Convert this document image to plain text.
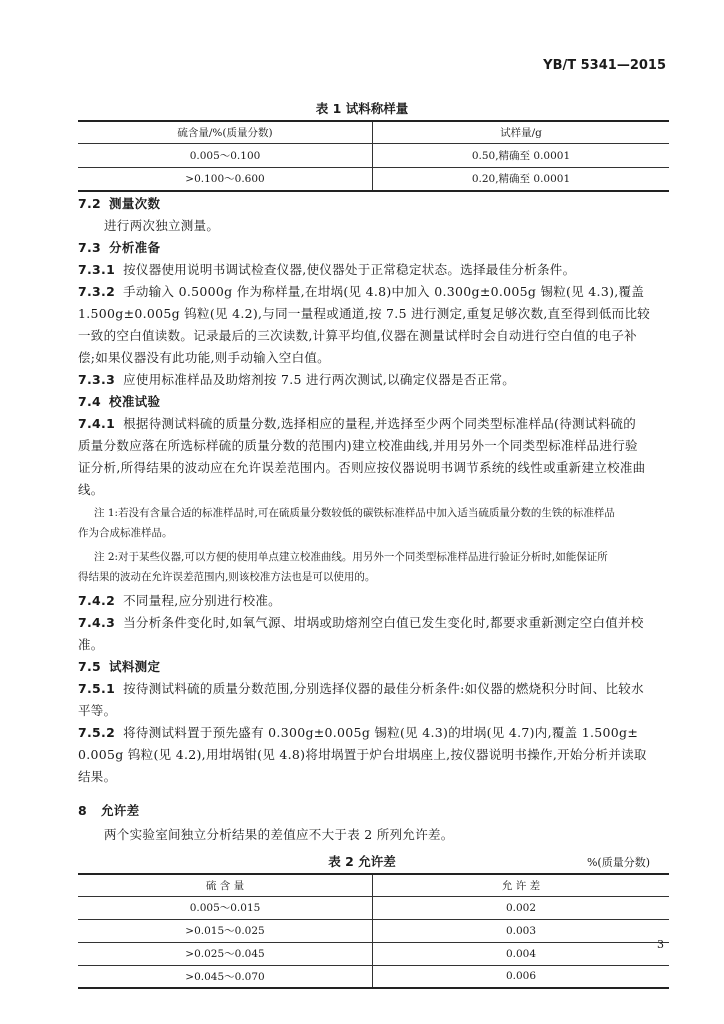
YB/T 5341—2015
表 1 试料称样量
硫含量/%(质量分数)	试样量/g
0.005～0.100	0.50,精确至 0.0001
>0.100～0.600	0.20,精确至 0.0001
7.2 测量次数
进行两次独立测量。
7.3 分析准备
7.3.1 按仪器使用说明书调试检查仪器,使仪器处于正常稳定状态。选择最佳分析条件。
7.3.2 手动输入 0.5000g 作为称样量,在坩埚(见 4.8)中加入 0.300g±0.005g 锡粒(见 4.3),覆盖
1.500g±0.005g 钨粒(见 4.2),与同一量程或通道,按 7.5 进行测定,重复足够次数,直至得到低而比较
一致的空白值读数。记录最后的三次读数,计算平均值,仪器在测量试样时会自动进行空白值的电子补
偿;如果仪器没有此功能,则手动输入空白值。
7.3.3 应使用标准样品及助熔剂按 7.5 进行两次测试,以确定仪器是否正常。
7.4 校准试验
7.4.1 根据待测试料硫的质量分数,选择相应的量程,并选择至少两个同类型标准样品(待测试料硫的
质量分数应落在所选标样硫的质量分数的范围内)建立校准曲线,并用另外一个同类型标准样品进行验
证分析,所得结果的波动应在允许误差范围内。否则应按仪器说明书调节系统的线性或重新建立校准曲
线。
注 1:若没有含量合适的标准样品时,可在硫质量分数较低的碳铁标准样品中加入适当硫质量分数的生铁的标准样品
作为合成标准样品。
注 2:对于某些仪器,可以方便的使用单点建立校准曲线。用另外一个同类型标准样品进行验证分析时,如能保证所
得结果的波动在允许误差范围内,则该校准方法也是可以使用的。
7.4.2 不同量程,应分别进行校准。
7.4.3 当分析条件变化时,如氧气源、坩埚或助熔剂空白值已发生变化时,都要求重新测定空白值并校
准。
7.5 试料测定
7.5.1 按待测试料硫的质量分数范围,分别选择仪器的最佳分析条件:如仪器的燃烧积分时间、比较水
平等。
7.5.2 将待测试料置于预先盛有 0.300g±0.005g 锡粒(见 4.3)的坩埚(见 4.7)内,覆盖 1.500g±
0.005g 钨粒(见 4.2),用坩埚钳(见 4.8)将坩埚置于炉台坩埚座上,按仪器说明书操作,开始分析并读取
结果。
8 允许差
两个实验室间独立分析结果的差值应不大于表 2 所列允许差。
表 2 允许差	%(质量分数)
硫 含 量	允 许 差
0.005～0.015	0.002
>0.015～0.025	0.003
>0.025～0.045	0.004
>0.045～0.070	0.006
3
